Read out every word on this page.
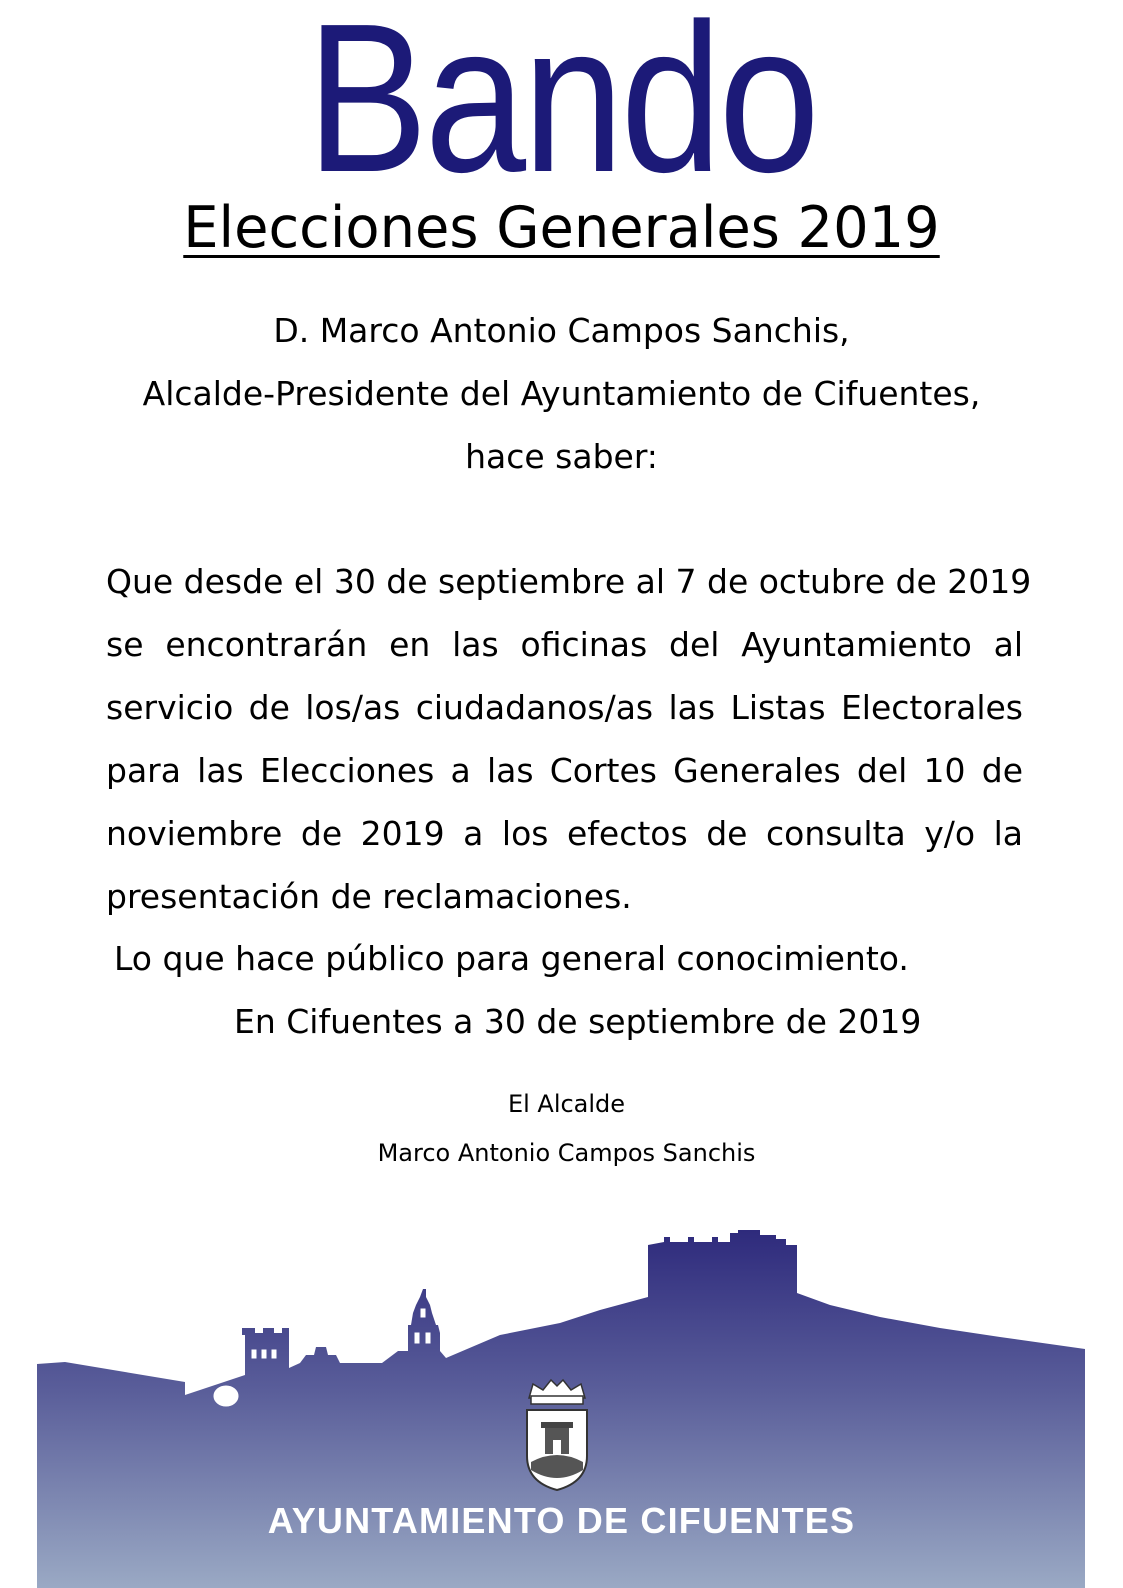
Bando
Elecciones Generales 2019
D. Marco Antonio Campos Sanchis,
Alcalde-Presidente del Ayuntamiento de Cifuentes,
hace saber:
Que desde el 30 de septiembre al 7 de octubre de 2019
se encontrarán en las oficinas del Ayuntamiento al
servicio de los/as ciudadanos/as las Listas Electorales
para las Elecciones a las Cortes Generales del 10 de
noviembre de 2019 a los efectos de consulta y/o la
presentación de reclamaciones.
Lo que hace público para general conocimiento.
En Cifuentes a 30 de septiembre de 2019
El Alcalde
Marco Antonio Campos Sanchis
AYUNTAMIENTO DE CIFUENTES
